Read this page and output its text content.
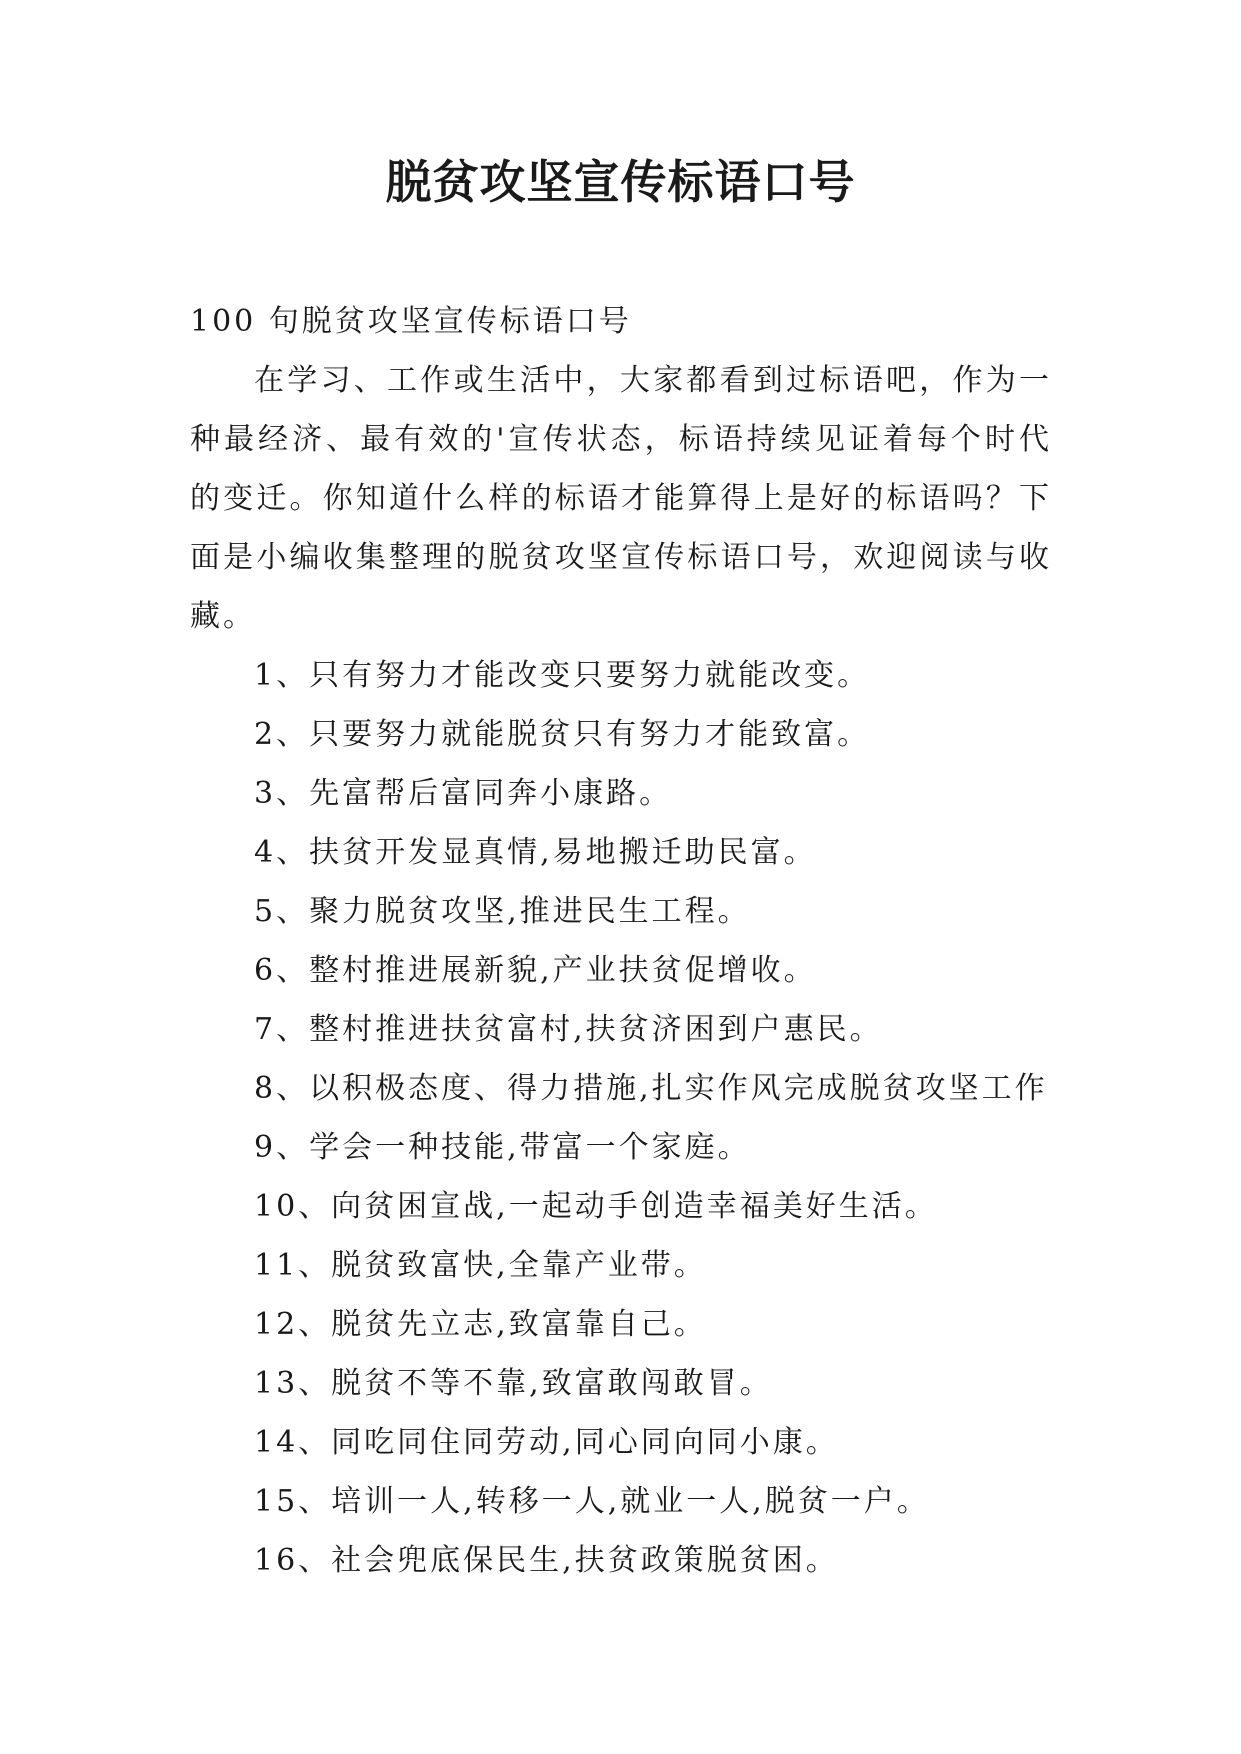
脱贫攻坚宣传标语口号

100 句脱贫攻坚宣传标语口号

在学习、工作或生活中，大家都看到过标语吧，作为一种最经济、最有效的'宣传状态，标语持续见证着每个时代的变迁。你知道什么样的标语才能算得上是好的标语吗？下面是小编收集整理的脱贫攻坚宣传标语口号，欢迎阅读与收藏。

1、只有努力才能改变只要努力就能改变。
2、只要努力就能脱贫只有努力才能致富。
3、先富帮后富同奔小康路。
4、扶贫开发显真情,易地搬迁助民富。
5、聚力脱贫攻坚,推进民生工程。
6、整村推进展新貌,产业扶贫促增收。
7、整村推进扶贫富村,扶贫济困到户惠民。
8、以积极态度、得力措施,扎实作风完成脱贫攻坚工作
9、学会一种技能,带富一个家庭。
10、向贫困宣战,一起动手创造幸福美好生活。
11、脱贫致富快,全靠产业带。
12、脱贫先立志,致富靠自己。
13、脱贫不等不靠,致富敢闯敢冒。
14、同吃同住同劳动,同心同向同小康。
15、培训一人,转移一人,就业一人,脱贫一户。
16、社会兜底保民生,扶贫政策脱贫困。
